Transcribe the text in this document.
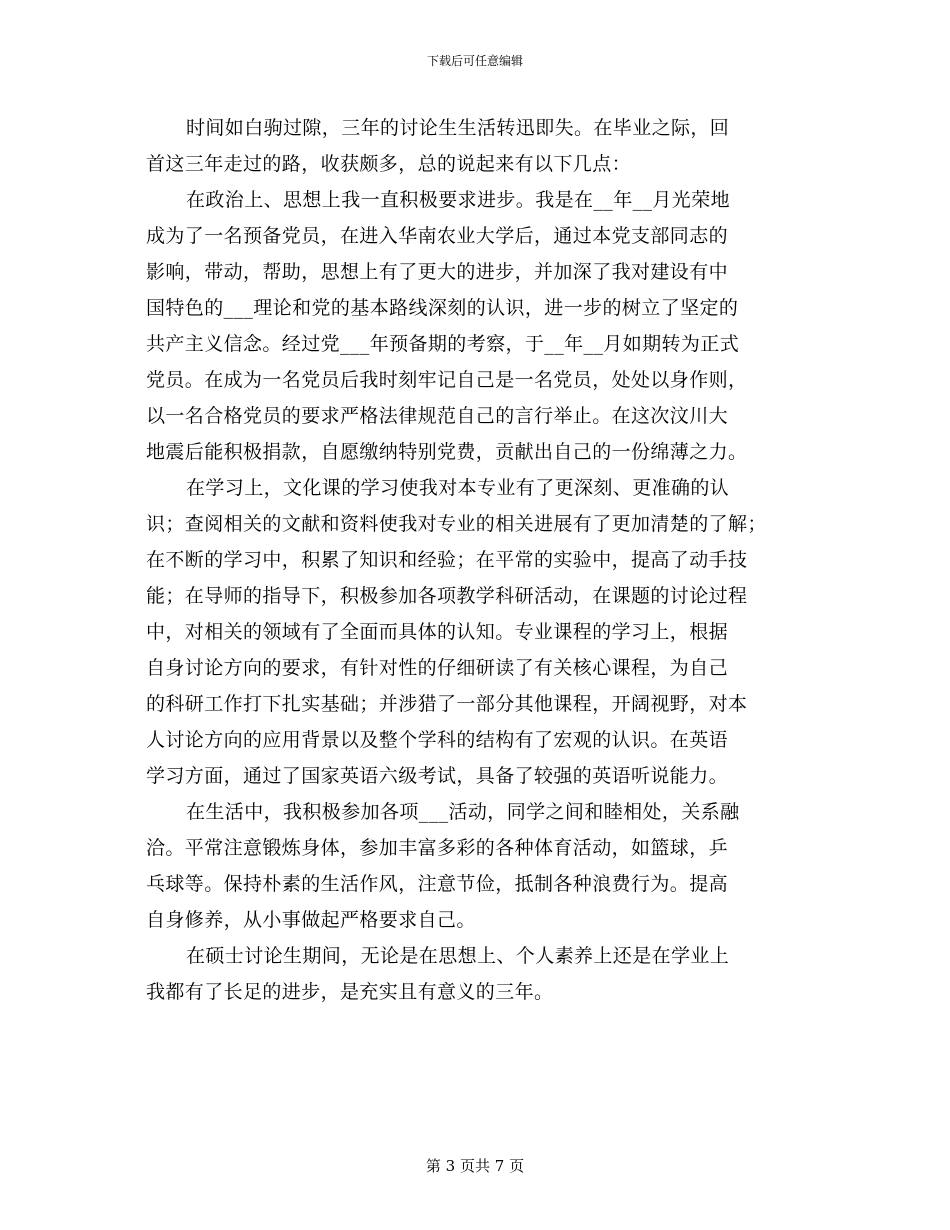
下载后可任意编辑
时间如白驹过隙，三年的讨论生生活转迅即失。在毕业之际，回
首这三年走过的路，收获颇多，总的说起来有以下几点：
在政治上、思想上我一直积极要求进步。我是在__年__月光荣地
成为了一名预备党员，在进入华南农业大学后，通过本党支部同志的
影响，带动，帮助，思想上有了更大的进步，并加深了我对建设有中
国特色的___理论和党的基本路线深刻的认识，进一步的树立了坚定的
共产主义信念。经过党___年预备期的考察，于__年__月如期转为正式
党员。在成为一名党员后我时刻牢记自己是一名党员，处处以身作则，
以一名合格党员的要求严格法律规范自己的言行举止。在这次汶川大
地震后能积极捐款，自愿缴纳特别党费，贡献出自己的一份绵薄之力。
在学习上，文化课的学习使我对本专业有了更深刻、更准确的认
识；查阅相关的文献和资料使我对专业的相关进展有了更加清楚的了解；
在不断的学习中，积累了知识和经验；在平常的实验中，提高了动手技
能；在导师的指导下，积极参加各项教学科研活动，在课题的讨论过程
中，对相关的领域有了全面而具体的认知。专业课程的学习上，根据
自身讨论方向的要求，有针对性的仔细研读了有关核心课程，为自己
的科研工作打下扎实基础；并涉猎了一部分其他课程，开阔视野，对本
人讨论方向的应用背景以及整个学科的结构有了宏观的认识。在英语
学习方面，通过了国家英语六级考试，具备了较强的英语听说能力。
在生活中，我积极参加各项___活动，同学之间和睦相处，关系融
洽。平常注意锻炼身体，参加丰富多彩的各种体育活动，如篮球，乒
乓球等。保持朴素的生活作风，注意节俭，抵制各种浪费行为。提高
自身修养，从小事做起严格要求自己。
在硕士讨论生期间，无论是在思想上、个人素养上还是在学业上
我都有了长足的进步，是充实且有意义的三年。
第 3 页共 7 页
